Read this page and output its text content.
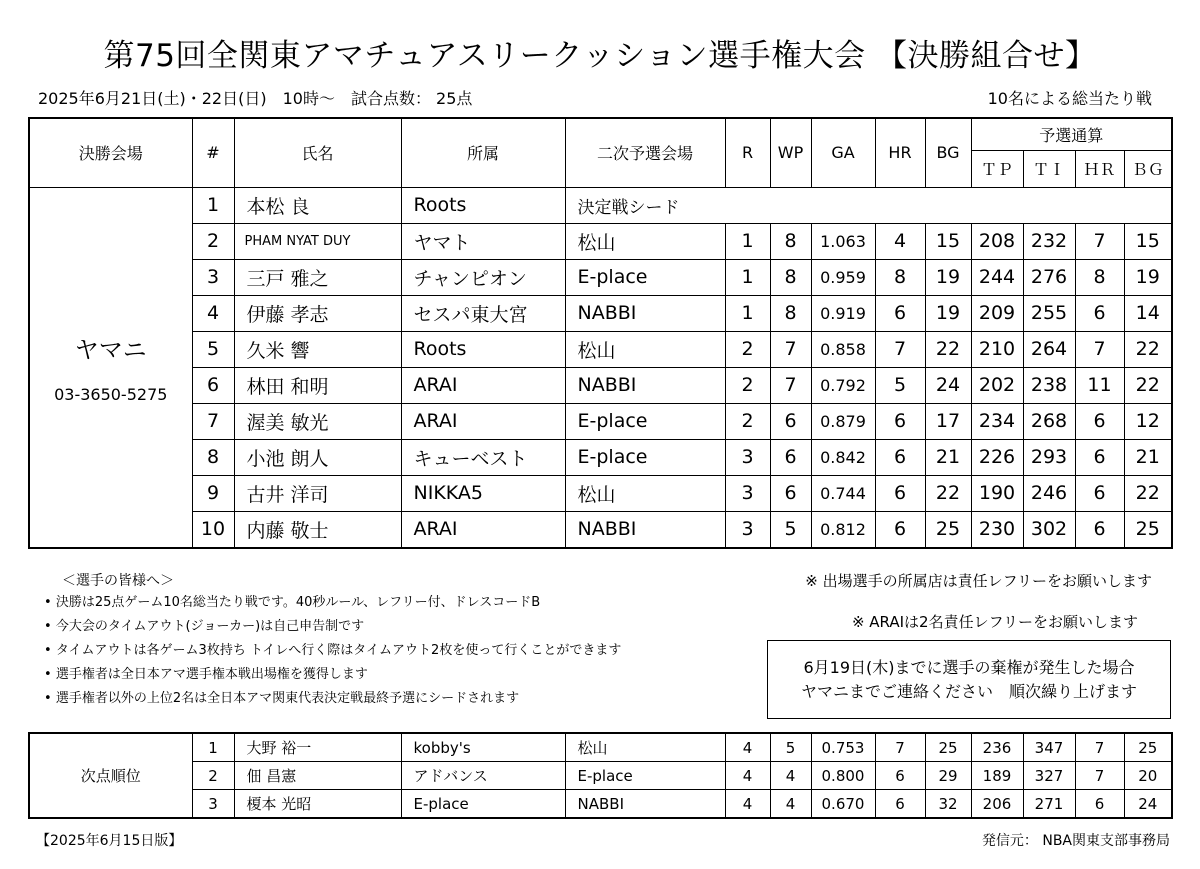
第75回全関東アマチュアスリークッション選手権大会 【決勝組合せ】
2025年6月21日(土)・22日(日)　10時～　試合点数： 25点	10名による総当たり戦
決勝会場	#	氏名	所属	二次予選会場	R	WP	GA	HR	BG	予選通算			
										ＴＰ	ＴＩ	ＨＲ	ＢＧ

ヤマニ
03-3650-5275	1	本松 良	Roots	決定戦シード									
	2	PHAM NYAT DUY	ヤマト	松山	1	8	1.063	4	15	208	232	7	15
	3	三戸 雅之	チャンピオン	E-place	1	8	0.959	8	19	244	276	8	19
	4	伊藤 孝志	セスパ東大宮	NABBI	1	8	0.919	6	19	209	255	6	14
	5	久米 響	Roots	松山	2	7	0.858	7	22	210	264	7	22
	6	林田 和明	ARAI	NABBI	2	7	0.792	5	24	202	238	11	22
	7	渥美 敏光	ARAI	E-place	2	6	0.879	6	17	234	268	6	12
	8	小池 朗人	キューベスト	E-place	3	6	0.842	6	21	226	293	6	21
	9	古井 洋司	NIKKA5	松山	3	6	0.744	6	22	190	246	6	22
	10	内藤 敬士	ARAI	NABBI	3	5	0.812	6	25	230	302	6	25
＜選手の皆様へ＞
• 決勝は25点ゲーム10名総当たり戦です。40秒ルール、レフリー付、ドレスコードB
• 今大会のタイムアウト(ジョーカー)は自己申告制です
• タイムアウトは各ゲーム3枚持ち トイレへ行く際はタイムアウト2枚を使って行くことができます
• 選手権者は全日本アマ選手権本戦出場権を獲得します
• 選手権者以外の上位2名は全日本アマ関東代表決定戦最終予選にシードされます
※ 出場選手の所属店は責任レフリーをお願いします
※ ARAIは2名責任レフリーをお願いします
6月19日(木)までに選手の棄権が発生した場合
ヤマニまでご連絡ください　順次繰り上げます
次点順位	1	大野 裕一	kobby's	松山	4	5	0.753	7	25	236	347	7	25
	2	佃 昌憲	アドバンス	E-place	4	4	0.800	6	29	189	327	7	20
	3	榎本 光昭	E-place	NABBI	4	4	0.670	6	32	206	271	6	24
【2025年6月15日版】	発信元： NBA関東支部事務局
